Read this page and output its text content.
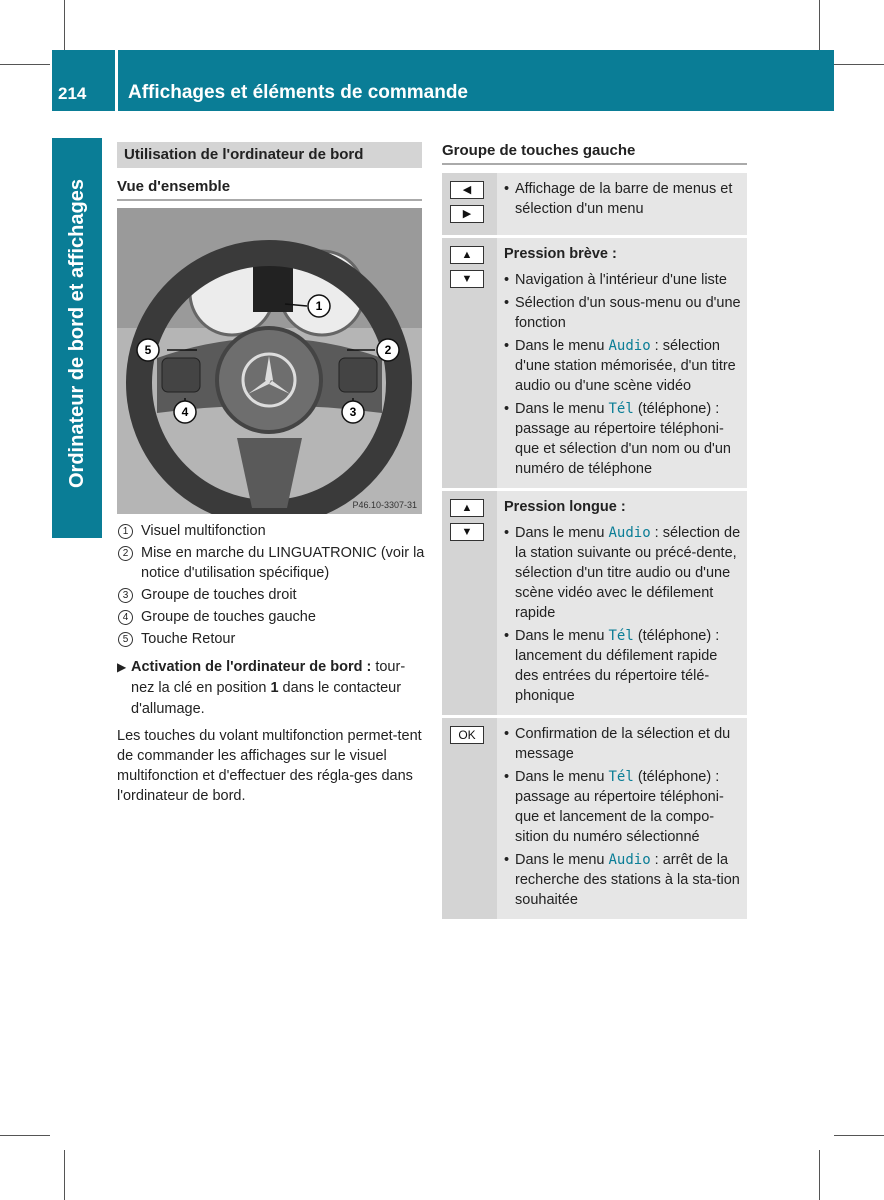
214	Affichages et éléments de commande
Ordinateur de bord et affichages
Utilisation de l'ordinateur de bord
Vue d'ensemble
1
2
3
4
5
P46.10-3307-31
1 Visuel multifonction
2 Mise en marche du LINGUATRONIC (voir la notice d'utilisation spécifique)
3 Groupe de touches droit
4 Groupe de touches gauche
5 Touche Retour
▶ Activation de l'ordinateur de bord : tour-nez la clé en position 1 dans le contacteur d'allumage.
Les touches du volant multifonction permet-tent de commander les affichages sur le visuel multifonction et d'effectuer des régla-ges dans l'ordinateur de bord.
Groupe de touches gauche
◀
▶
• Affichage de la barre de menus et sélection d'un menu
▲
▼
Pression brève :
• Navigation à l'intérieur d'une liste
• Sélection d'un sous-menu ou d'une fonction
• Dans le menu Audio : sélection d'une station mémorisée, d'un titre audio ou d'une scène vidéo
• Dans le menu Tél (téléphone) : passage au répertoire téléphoni-que et sélection d'un nom ou d'un numéro de téléphone
▲
▼
Pression longue :
• Dans le menu Audio : sélection de la station suivante ou précé-dente, sélection d'un titre audio ou d'une scène vidéo avec le défilement rapide
• Dans le menu Tél (téléphone) : lancement du défilement rapide des entrées du répertoire télé-phonique
OK	• Confirmation de la sélection et du message
• Dans le menu Tél (téléphone) : passage au répertoire téléphoni-que et lancement de la compo-sition du numéro sélectionné
• Dans le menu Audio : arrêt de la recherche des stations à la sta-tion souhaitée
